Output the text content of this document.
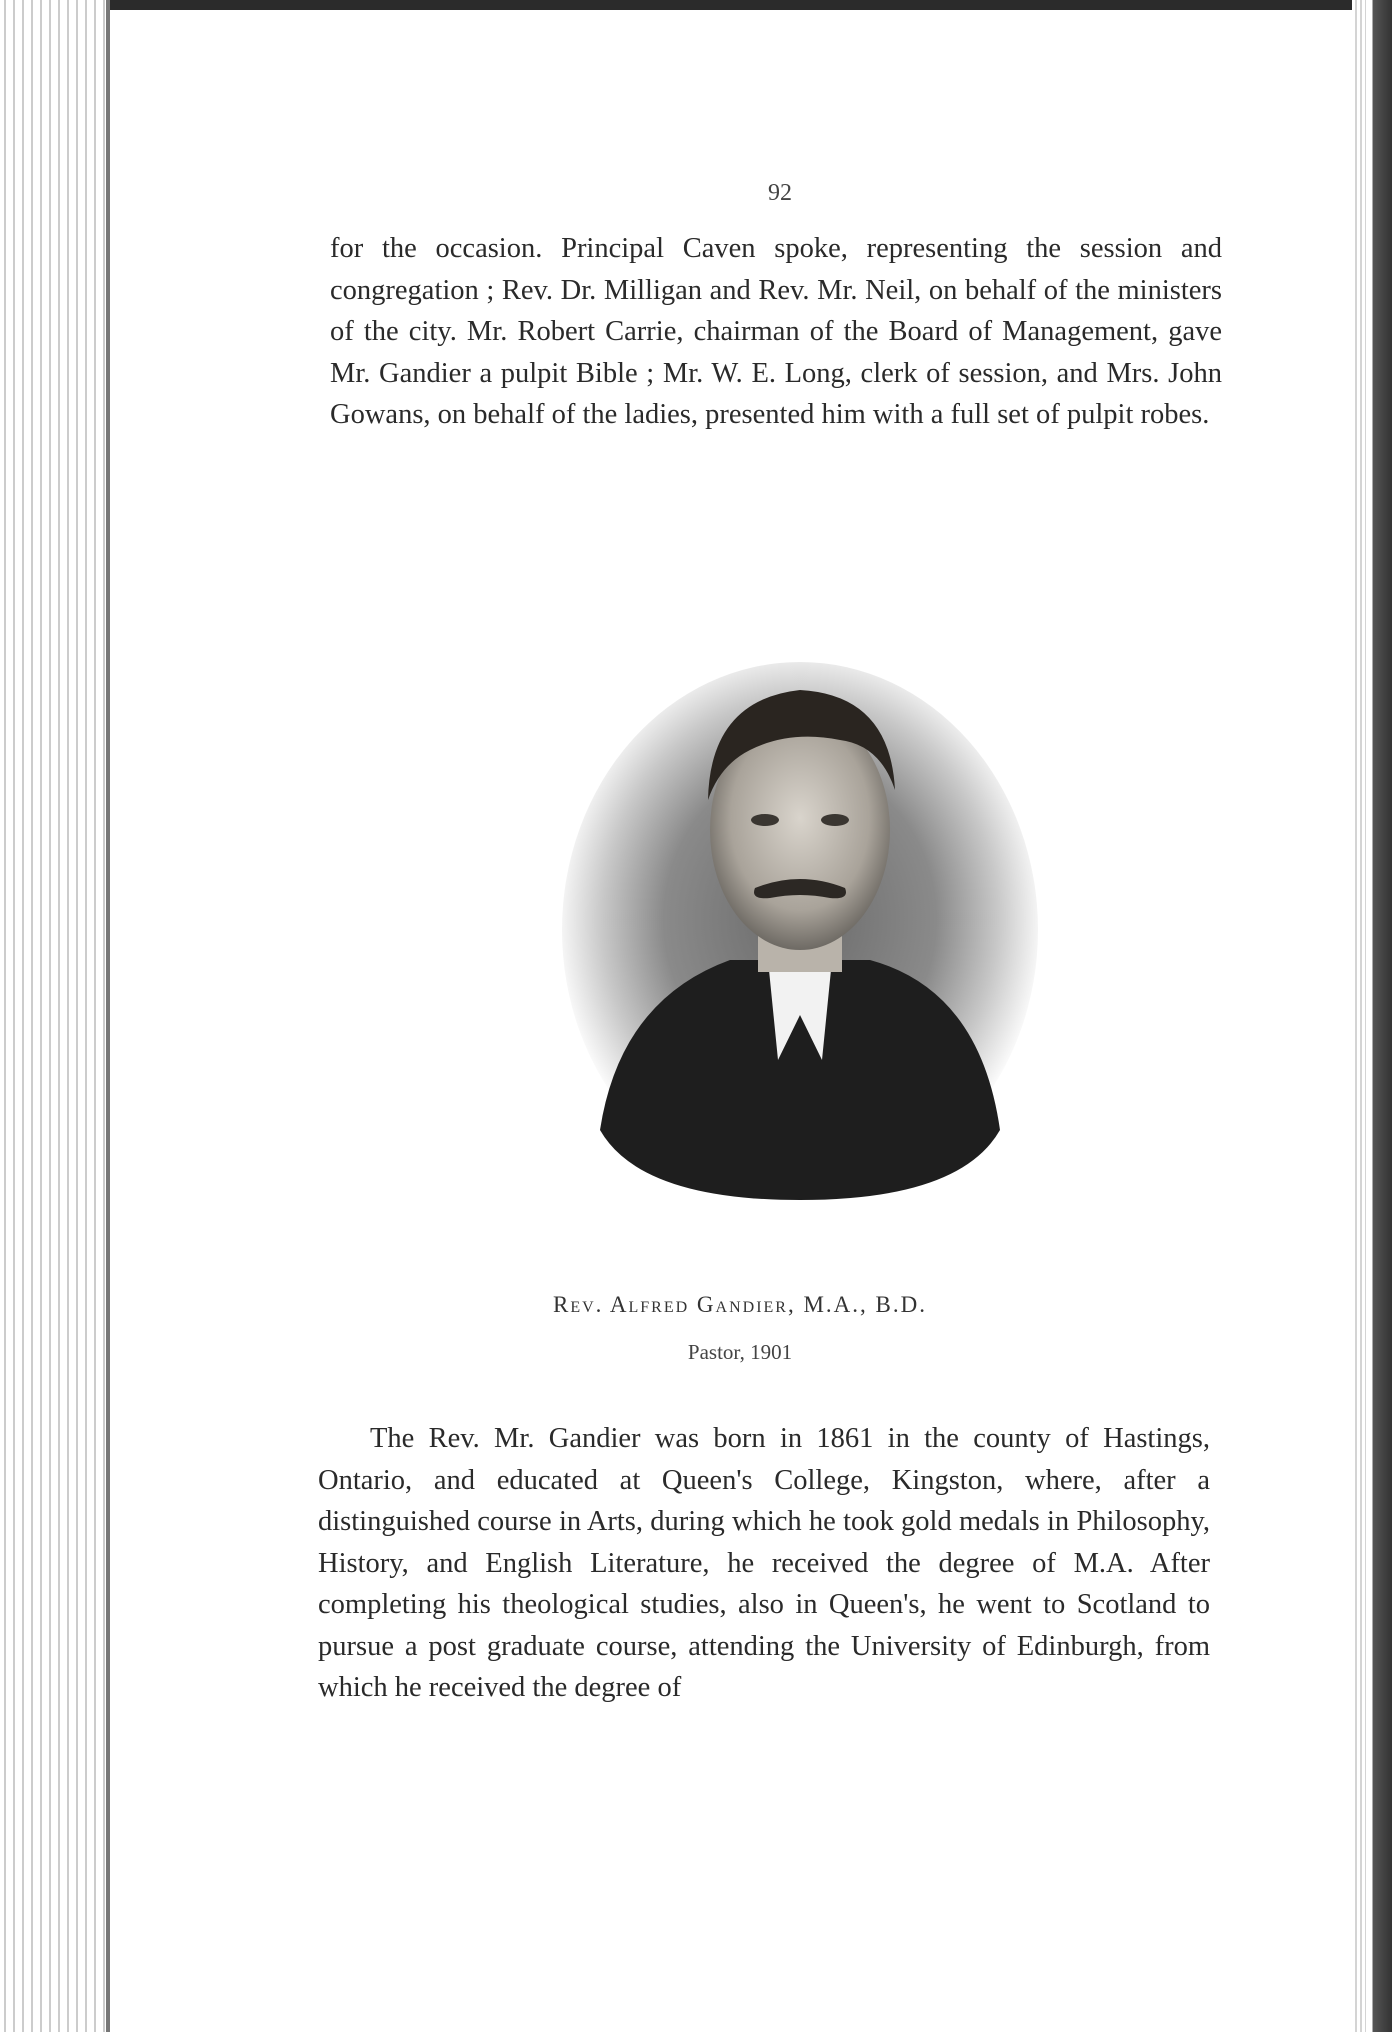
92

for the occasion. Principal Caven spoke, representing the session and congregation ; Rev. Dr. Milligan and Rev. Mr. Neil, on behalf of the ministers of the city. Mr. Robert Carrie, chairman of the Board of Management, gave Mr. Gandier a pulpit Bible ; Mr. W. E. Long, clerk of session, and Mrs. John Gowans, on behalf of the ladies, presented him with a full set of pulpit robes.

Rev. Alfred Gandier, M.A., B.D.
Pastor, 1901

The Rev. Mr. Gandier was born in 1861 in the county of Hastings, Ontario, and educated at Queen's College, Kingston, where, after a distinguished course in Arts, during which he took gold medals in Philosophy, History, and English Literature, he received the degree of M.A. After completing his theological studies, also in Queen's, he went to Scotland to pursue a post graduate course, attending the University of Edinburgh, from which he received the degree of
